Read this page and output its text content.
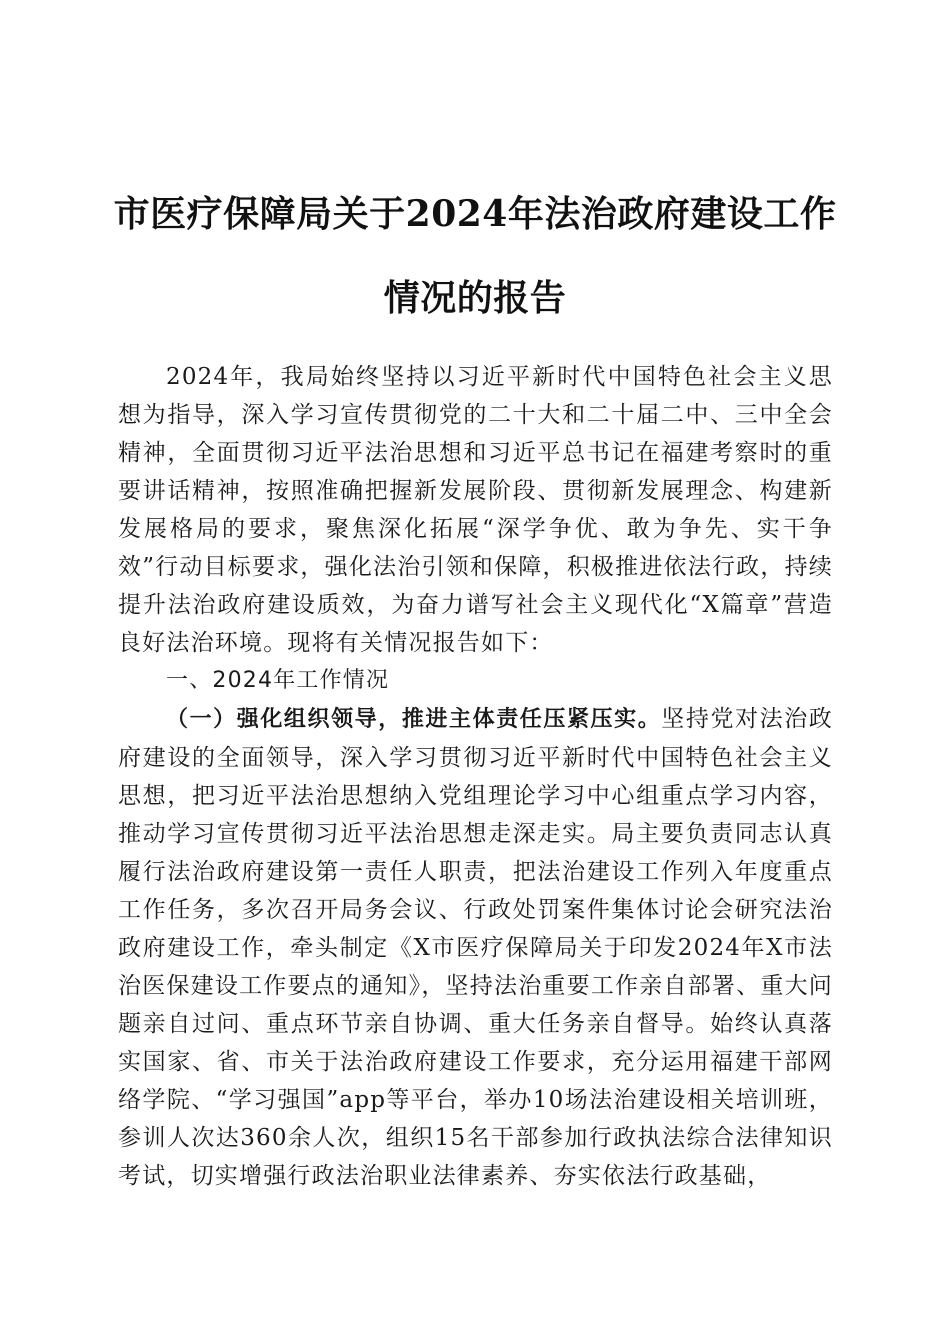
市医疗保障局关于2024年法治政府建设工作
情况的报告

2024年，我局始终坚持以习近平新时代中国特色社会主义思想为指导，深入学习宣传贯彻党的二十大和二十届二中、三中全会精神，全面贯彻习近平法治思想和习近平总书记在福建考察时的重要讲话精神，按照准确把握新发展阶段、贯彻新发展理念、构建新发展格局的要求，聚焦深化拓展“深学争优、敢为争先、实干争效”行动目标要求，强化法治引领和保障，积极推进依法行政，持续提升法治政府建设质效，为奋力谱写社会主义现代化“X篇章”营造良好法治环境。现将有关情况报告如下：

一、2024年工作情况

（一）强化组织领导，推进主体责任压紧压实。坚持党对法治政府建设的全面领导，深入学习贯彻习近平新时代中国特色社会主义思想，把习近平法治思想纳入党组理论学习中心组重点学习内容，推动学习宣传贯彻习近平法治思想走深走实。局主要负责同志认真履行法治政府建设第一责任人职责，把法治建设工作列入年度重点工作任务，多次召开局务会议、行政处罚案件集体讨论会研究法治政府建设工作，牵头制定《X市医疗保障局关于印发2024年X市法治医保建设工作要点的通知》，坚持法治重要工作亲自部署、重大问题亲自过问、重点环节亲自协调、重大任务亲自督导。始终认真落实国家、省、市关于法治政府建设工作要求，充分运用福建干部网络学院、“学习强国”app等平台，举办10场法治建设相关培训班，参训人次达360余人次，组织15名干部参加行政执法综合法律知识考试，切实增强行政法治职业法律素养、夯实依法行政基础，
